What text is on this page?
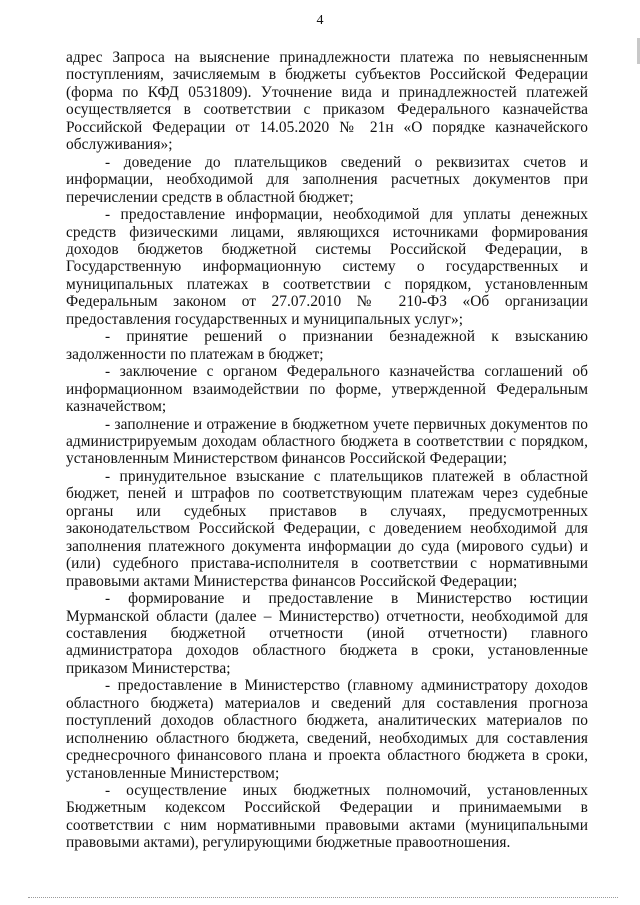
4

адрес Запроса на выяснение принадлежности платежа по невыясненным поступлениям, зачисляемым в бюджеты субъектов Российской Федерации (форма по КФД 0531809). Уточнение вида и принадлежностей платежей осуществляется в соответствии с приказом Федерального казначейства Российской Федерации от 14.05.2020 № 21н «О порядке казначейского обслуживания»;

- доведение до плательщиков сведений о реквизитах счетов и информации, необходимой для заполнения расчетных документов при перечислении средств в областной бюджет;

- предоставление информации, необходимой для уплаты денежных средств физическими лицами, являющихся источниками формирования доходов бюджетов бюджетной системы Российской Федерации, в Государственную информационную систему о государственных и муниципальных платежах в соответствии с порядком, установленным Федеральным законом от 27.07.2010 № 210-ФЗ «Об организации предоставления государственных и муниципальных услуг»;

- принятие решений о признании безнадежной к взысканию задолженности по платежам в бюджет;

- заключение с органом Федерального казначейства соглашений об информационном взаимодействии по форме, утвержденной Федеральным казначейством;

- заполнение и отражение в бюджетном учете первичных документов по администрируемым доходам областного бюджета в соответствии с порядком, установленным Министерством финансов Российской Федерации;

- принудительное взыскание с плательщиков платежей в областной бюджет, пеней и штрафов по соответствующим платежам через судебные органы или судебных приставов в случаях, предусмотренных законодательством Российской Федерации, с доведением необходимой для заполнения платежного документа информации до суда (мирового судьи) и (или) судебного пристава-исполнителя в соответствии с нормативными правовыми актами Министерства финансов Российской Федерации;

- формирование и предоставление в Министерство юстиции Мурманской области (далее – Министерство) отчетности, необходимой для составления бюджетной отчетности (иной отчетности) главного администратора доходов областного бюджета в сроки, установленные приказом Министерства;

- предоставление в Министерство (главному администратору доходов областного бюджета) материалов и сведений для составления прогноза поступлений доходов областного бюджета, аналитических материалов по исполнению областного бюджета, сведений, необходимых для составления среднесрочного финансового плана и проекта областного бюджета в сроки, установленные Министерством;

- осуществление иных бюджетных полномочий, установленных Бюджетным кодексом Российской Федерации и принимаемыми в соответствии с ним нормативными правовыми актами (муниципальными правовыми актами), регулирующими бюджетные правоотношения.
